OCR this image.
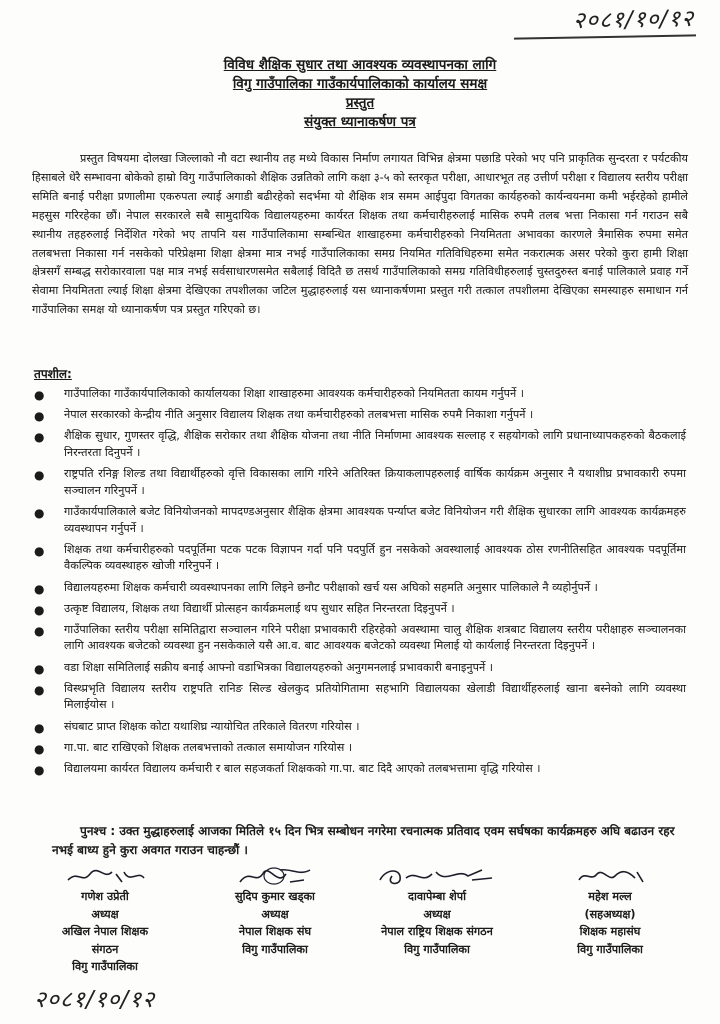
२०८१/१०/१२
विविध शैक्षिक सुधार तथा आवश्यक व्यवस्थापनका लागि
विगु गाउँपालिका गाउँकार्यपालिकाको कार्यालय समक्ष
प्रस्तुत
संयुक्त ध्यानाकर्षण पत्र

प्रस्तुत विषयमा दोलखा जिल्लाको नौ वटा स्थानीय तह मध्ये विकास निर्माण लगायत विभिन्न क्षेत्रमा पछाडि परेको भए पनि प्राकृतिक सुन्दरता र पर्यटकीय हिसाबले धेरै सम्भावना बोकेको हाम्रो विगु गाउँपालिकाको शैक्षिक उन्नतिको लागि कक्षा ३-५ को स्तरकृत परीक्षा, आधारभूत तह उत्तीर्ण परीक्षा र विद्यालय स्तरीय परीक्षा समिति बनाई परीक्षा प्रणालीमा एकरुपता ल्याई अगाडी बढीरहेको सदर्भमा यो शैक्षिक शत्र समम आईपुदा विगतका कार्यहरुको कार्यन्वयनमा कमी भईरहेको हामीले महसुस गरिरहेका छौं। नेपाल सरकारले सबै सामुदायिक विद्यालयहरुमा कार्यरत शिक्षक तथा कर्मचारीहरुलाई मासिक रुपमै तलब भत्ता निकासा गर्न गराउन सबै स्थानीय तहहरुलाई निर्देशित गरेको भए तापनि यस गाउँपालिकामा सम्बन्धित शाखाहरुमा कर्मचारीहरुको नियमितता अभावका कारणले त्रैमासिक रुपमा समेत तलबभत्ता निकासा गर्न नसकेको परिप्रेक्षमा शिक्षा क्षेत्रमा मात्र नभई गाउँपालिकाका समग्र नियमित गतिविधिहरुमा समेत नकरात्मक असर परेको कुरा हामी शिक्षा क्षेत्रसगँ सम्बद्ध सरोकारवाला पक्ष मात्र नभई सर्वसाधारणसमेत सबैलाई विदितै छ तसर्थ गाउँपालिकाको समग्र गतिविधीहरुलाई चुस्तदुरुस्त बनाई पालिकाले प्रवाह गर्ने सेवामा नियमितता ल्याई शिक्षा क्षेत्रमा देखिएका तपशीलका जटिल मुद्धाहरुलाई यस ध्यानाकर्षणमा प्रस्तुत गरी तत्काल तपशीलमा देखिएका समस्याहरु समाधान गर्न गाउँपालिका समक्ष यो ध्यानाकर्षण पत्र प्रस्तुत गरिएको छ।

तपशील:
● गाउँपालिका गाउँकार्यपालिकाको कार्यालयका शिक्षा शाखाहरुमा आवश्यक कर्मचारीहरुको नियमितता कायम गर्नुपर्ने ।
● नेपाल सरकारको केन्द्रीय नीति अनुसार विद्यालय शिक्षक तथा कर्मचारीहरुको तलबभत्ता मासिक रुपमै निकाशा गर्नुपर्ने ।
● शैक्षिक सुधार, गुणस्तर वृद्धि, शैक्षिक सरोकार तथा शैक्षिक योजना तथा नीति निर्माणमा आवश्यक सल्लाह र सहयोगको लागि प्रधानाध्यापकहरुको बैठकलाई निरन्तरता दिनुपर्ने ।
● राष्ट्रपति रनिङ्ग शिल्ड तथा विद्यार्थीहरुको वृत्ति विकासका लागि गरिने अतिरिक्त क्रियाकलापहरुलाई वार्षिक कार्यक्रम अनुसार नै यथाशीघ्र प्रभावकारी रुपमा सञ्चालन गरिनुपर्ने ।
● गाउँकार्यपालिकाले बजेट विनियोजनको मापदण्डअनुसार शैक्षिक क्षेत्रमा आवश्यक पर्न्याप्त बजेट विनियोजन गरी शैक्षिक सुधारका लागि आवश्यक कार्यक्रमहरु व्यवस्थापन गर्नुपर्ने ।
● शिक्षक तथा कर्मचारीहरुको पदपूर्तिमा पटक पटक विज्ञापन गर्दा पनि पदपुर्ति हुन नसकेको अवस्थालाई आवश्यक ठोस रणनीतिसहित आवश्यक पदपूर्तिमा वैकल्पिक व्यवस्थाहरु खोजी गरिनुपर्ने ।
● विद्यालयहरुमा शिक्षक कर्मचारी व्यवस्थापनका लागि लिइने छनौट परीक्षाको खर्च यस अघिको सहमति अनुसार पालिकाले नै व्यहोर्नुपर्ने ।
● उत्कृष्ट विद्यालय, शिक्षक तथा विद्यार्थी प्रोत्सहन कार्यक्रमलाई थप सुधार सहित निरन्तरता दिइनुपर्ने ।
● गाउँपालिका स्तरीय परीक्षा समितिद्वारा सञ्चालन गरिने परीक्षा प्रभावकारी रहिरहेको अवस्थामा चालु शैक्षिक शत्रबाट विद्यालय स्तरीय परीक्षाहरु सञ्चालनका लागि आवश्यक बजेटको व्यवस्था हुन नसकेकाले यसै आ.व. बाट आवश्यक बजेटको व्यवस्था मिलाई यो कार्यलाई निरन्तरता दिइनुपर्ने ।
● वडा शिक्षा समितिलाई सक्रीय बनाई आफ्नो वडाभित्रका विद्यालयहरुको अनुगमनलाई प्रभावकारी बनाइनुपर्ने ।
● विस्थ्प्रभृति विद्यालय स्तरीय राष्ट्रपति रानिङ सिल्ड खेलकुद प्रतियोगितामा सहभागि विद्यालयका खेलाडी विद्यार्थीहरुलाई खाना बस्नेको लागि व्यवस्था मिलाईयोस ।
● संघबाट प्राप्त शिक्षक कोटा यथाशिघ्र न्यायोचित तरिकाले वितरण गरियोस ।
● गा.पा. बाट राखिएको शिक्षक तलबभत्ताको तत्काल समायोजन गरियोस ।
● विद्यालयमा कार्यरत विद्यालय कर्मचारी र बाल सहजकर्ता शिक्षकको गा.पा. बाट दिदै आएको तलबभत्तामा वृद्धि गरियोस ।

पुनश्च : उक्त मुद्धाहरुलाई आजका मितिले १५ दिन भित्र सम्बोधन नगरेमा रचनात्मक प्रतिवाद एवम सर्घषका कार्यक्रमहरु अघि बढाउन रहर नभई बाध्य हुने कुरा अवगत गराउन चाहन्छौं ।

गणेश उप्रेती
अध्यक्ष
अखिल नेपाल शिक्षक
संगठन
विगु गाउँपालिका
सुदिप कुमार खड्का
अध्यक्ष
नेपाल शिक्षक संघ
विगु गाउँपालिका
दावापेम्बा शेर्पा
अध्यक्ष
नेपाल राष्ट्रिय शिक्षक संगठन
विगु गाउँपालिका
महेश मल्ल
(सहअध्यक्ष)
शिक्षक महासंघ
विगु गाउँपालिका
२०८१/१०/१२
